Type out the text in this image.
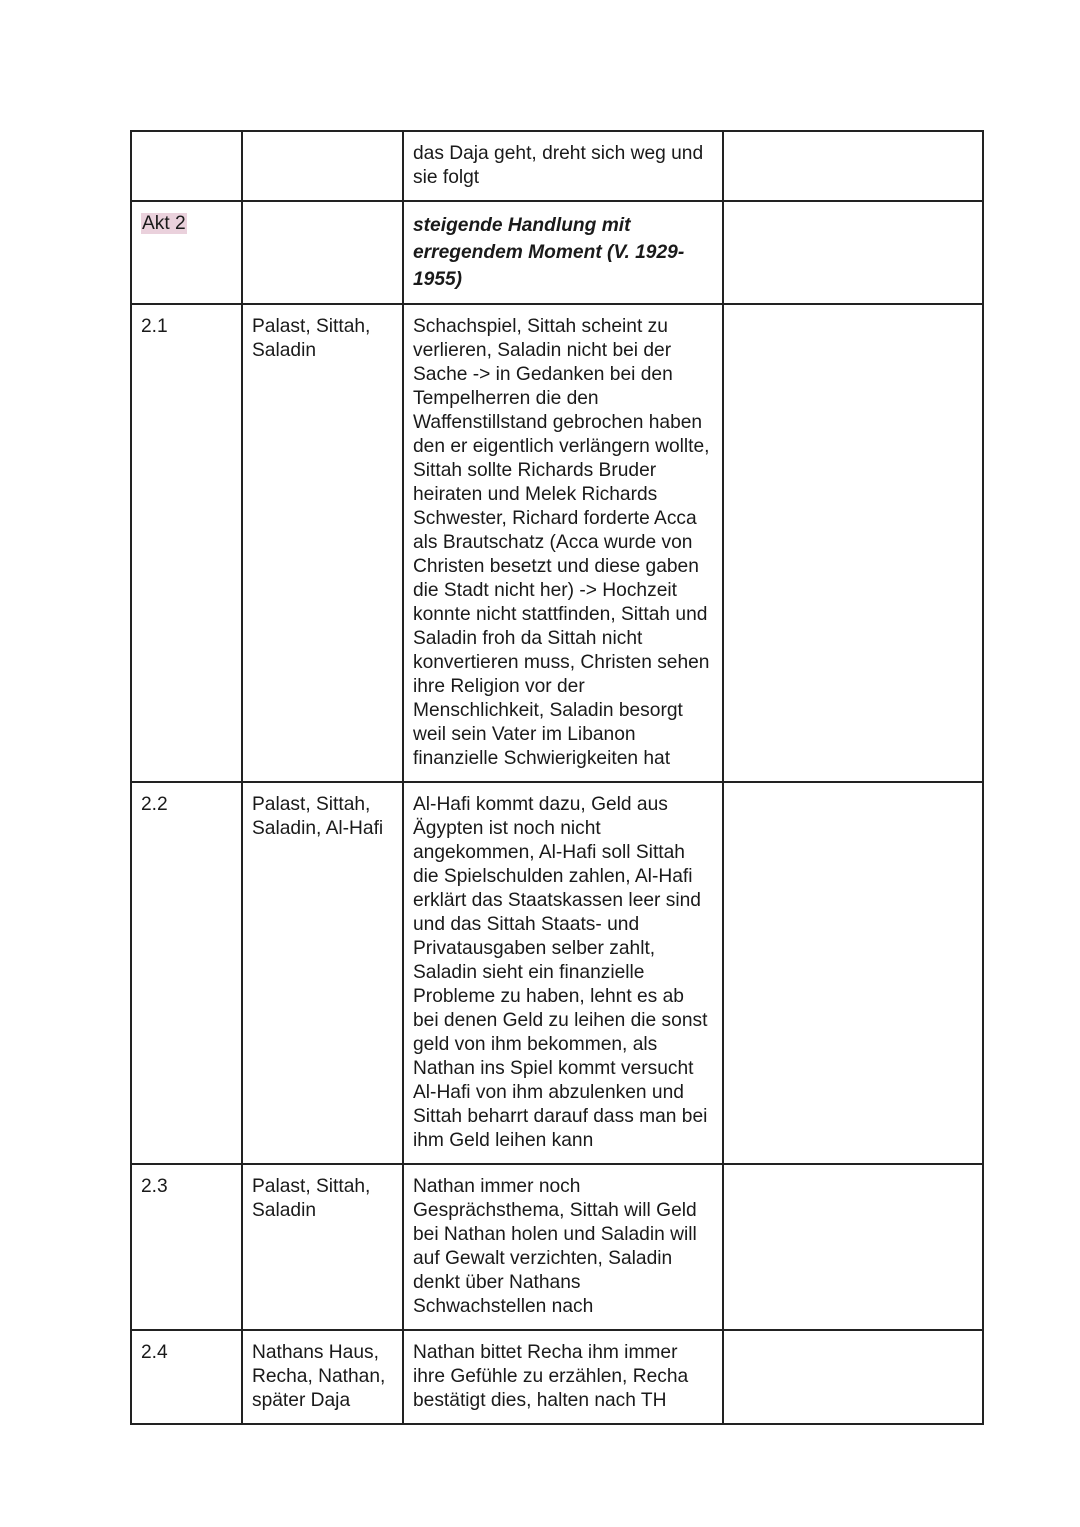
		das Daja geht, dreht sich weg und sie folgt	
Akt 2		steigende Handlung mit erregendem Moment (V. 1929-1955)	
2.1	Palast, Sittah, Saladin	Schachspiel, Sittah scheint zu verlieren, Saladin nicht bei der Sache -> in Gedanken bei den Tempelherren die den Waffenstillstand gebrochen haben den er eigentlich verlängern wollte, Sittah sollte Richards Bruder heiraten und Melek Richards Schwester, Richard forderte Acca als Brautschatz (Acca wurde von Christen besetzt und diese gaben die Stadt nicht her) -> Hochzeit konnte nicht stattfinden, Sittah und Saladin froh da Sittah nicht konvertieren muss, Christen sehen ihre Religion vor der Menschlichkeit, Saladin besorgt weil sein Vater im Libanon finanzielle Schwierigkeiten hat	
2.2	Palast, Sittah, Saladin, Al-Hafi	Al-Hafi kommt dazu, Geld aus Ägypten ist noch nicht angekommen, Al-Hafi soll Sittah die Spielschulden zahlen, Al-Hafi erklärt das Staatskassen leer sind und das Sittah Staats- und Privatausgaben selber zahlt, Saladin sieht ein finanzielle Probleme zu haben, lehnt es ab bei denen Geld zu leihen die sonst geld von ihm bekommen, als Nathan ins Spiel kommt versucht Al-Hafi von ihm abzulenken und Sittah beharrt darauf dass man bei ihm Geld leihen kann	
2.3	Palast, Sittah, Saladin	Nathan immer noch Gesprächsthema, Sittah will Geld bei Nathan holen und Saladin will auf Gewalt verzichten, Saladin denkt über Nathans Schwachstellen nach	
2.4	Nathans Haus, Recha, Nathan, später Daja	Nathan bittet Recha ihm immer ihre Gefühle zu erzählen, Recha bestätigt dies, halten nach TH	
